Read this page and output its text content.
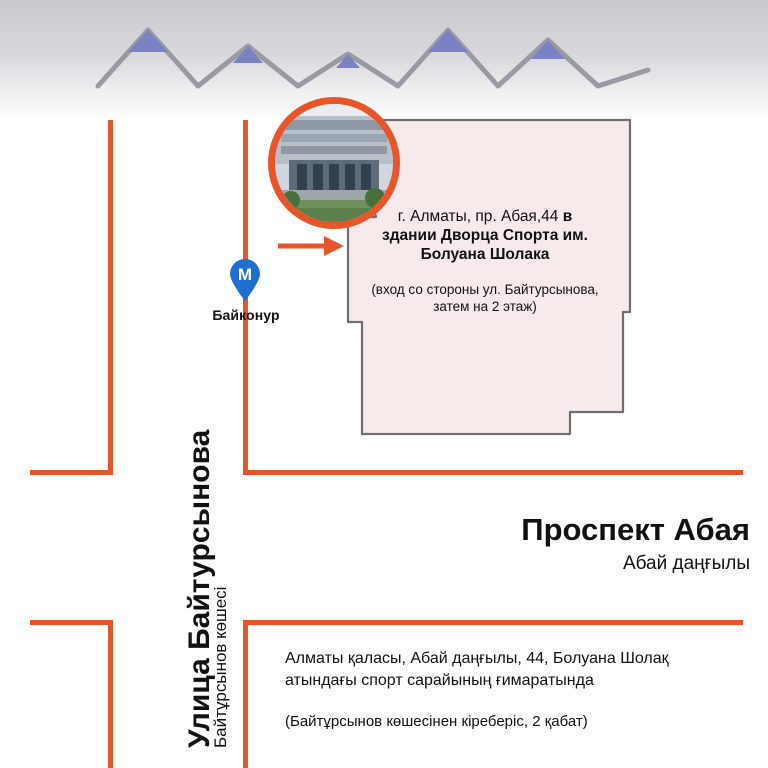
г. Алматы, пр. Абая,44 в здании Дворца Спорта им. Болуана Шолака
(вход со стороны ул. Байтурсынова, затем на 2 этаж)
M
Байконур
Проспект Абая
Абай даңғылы
Улица Байтурсынова
Байтұрсынов көшесі	Алматы қаласы, Абай даңғылы, 44, Болуана Шолақ атындағы спорт сарайының ғимаратында
(Байтұрсынов көшесінен кіреберіс, 2 қабат)
